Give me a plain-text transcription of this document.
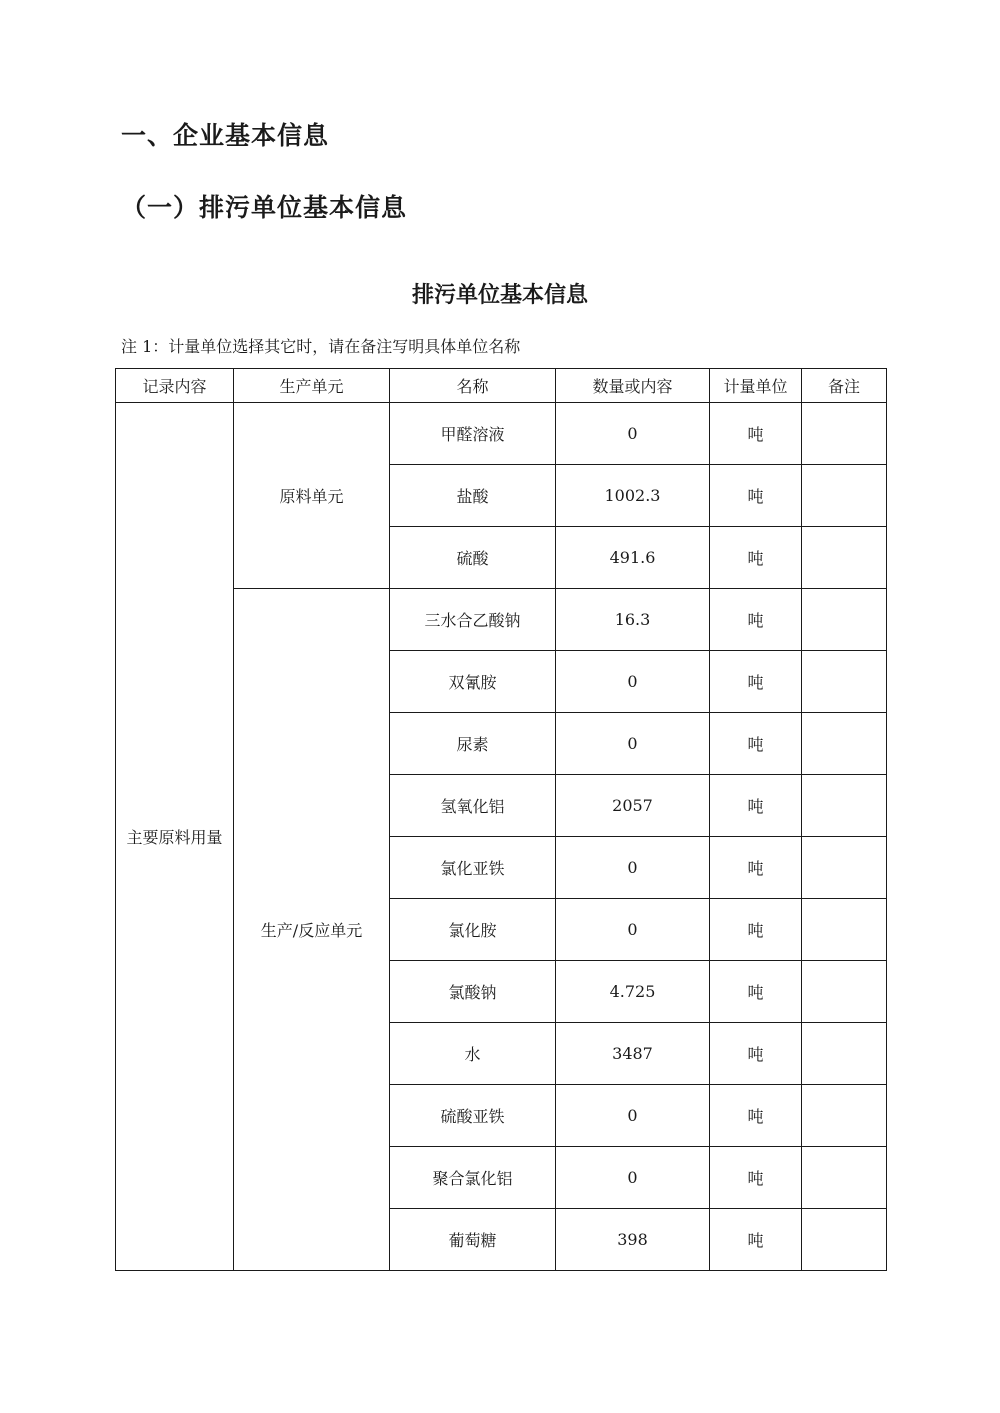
一、企业基本信息
（一）排污单位基本信息
排污单位基本信息
注 1：计量单位选择其它时，请在备注写明具体单位名称
记录内容	生产单元	名称	数量或内容	计量单位	备注
主要原料用量	原料单元	甲醛溶液	0	吨	
		盐酸	1002.3	吨	
		硫酸	491.6	吨	
	生产/反应单元	三水合乙酸钠	16.3	吨	
		双氰胺	0	吨	
		尿素	0	吨	
		氢氧化铝	2057	吨	
		氯化亚铁	0	吨	
		氯化胺	0	吨	
		氯酸钠	4.725	吨	
		水	3487	吨	
		硫酸亚铁	0	吨	
		聚合氯化铝	0	吨	
		葡萄糖	398	吨	
